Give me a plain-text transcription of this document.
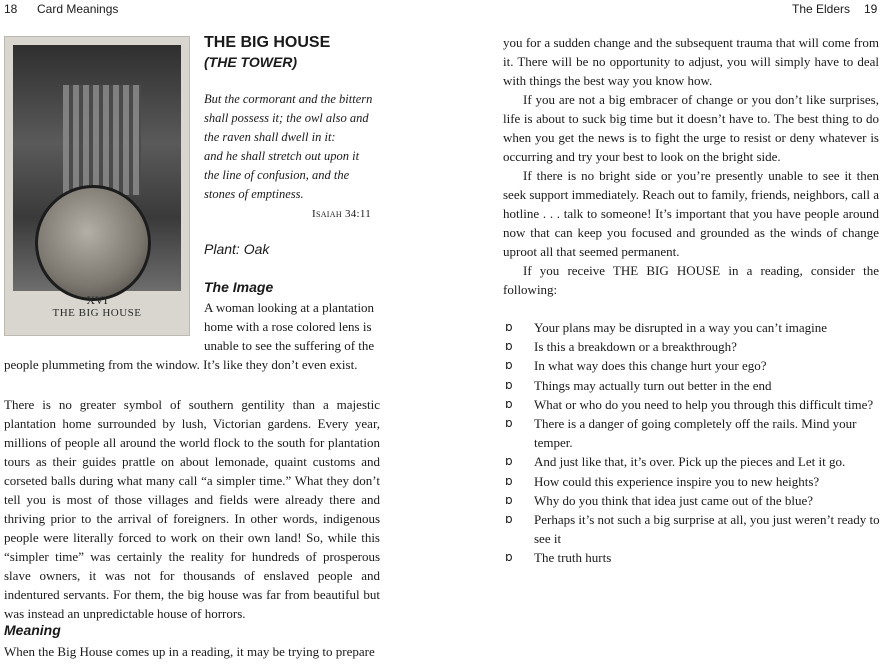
18 Card Meanings	The Elders 19
XVI
THE BIG HOUSE
THE BIG HOUSE
(THE TOWER)
But the cormorant and the bittern
shall possess it; the owl also and
the raven shall dwell in it:
and he shall stretch out upon it
the line of confusion, and the
stones of emptiness.
Isaiah 34:11
Plant: Oak
The Image
A woman looking at a plantation
home with a rose colored lens is
unable to see the suffering of the
people plummeting from the window. It’s like they don’t even exist.

There is no greater symbol of southern gentility than a majestic plantation home surrounded by lush, Victorian gardens. Every year, millions of people all around the world flock to the south for plantation tours as their guides prattle on about lemonade, quaint customs and corseted balls during what many call “a simpler time.” What they don’t tell you is most of those villages and fields were already there and thriving prior to the arrival of foreigners. In other words, indigenous people were literally forced to work on their own land! So, while this “simpler time” was certainly the reality for hundreds of prosperous slave owners, it was not for thousands of enslaved people and indentured servants. For them, the big house was far from beautiful but was instead an unpredictable house of horrors.

Meaning
When the Big House comes up in a reading, it may be trying to prepare

you for a sudden change and the subsequent trauma that will come from it. There will be no opportunity to adjust, you will simply have to deal with things the best way you know how.

If you are not a big embracer of change or you don’t like surprises, life is about to suck big time but it doesn’t have to. The best thing to do when you get the news is to fight the urge to resist or deny whatever is occurring and try your best to look on the bright side.

If there is no bright side or you’re presently unable to see it then seek support immediately. Reach out to family, friends, neighbors, call a hotline . . . talk to someone! It’s important that you have people around now that can keep you focused and grounded as the winds of change uproot all that seemed permanent.

If you receive THE BIG HOUSE in a reading, consider the following:

ɒ Your plans may be disrupted in a way you can’t imagine
ɒ Is this a breakdown or a breakthrough?
ɒ In what way does this change hurt your ego?
ɒ Things may actually turn out better in the end
ɒ What or who do you need to help you through this difficult time?
ɒ There is a danger of going completely off the rails. Mind your temper.
ɒ And just like that, it’s over. Pick up the pieces and Let it go.
ɒ How could this experience inspire you to new heights?
ɒ Why do you think that idea just came out of the blue?
ɒ Perhaps it’s not such a big surprise at all, you just weren’t ready to see it
ɒ The truth hurts
